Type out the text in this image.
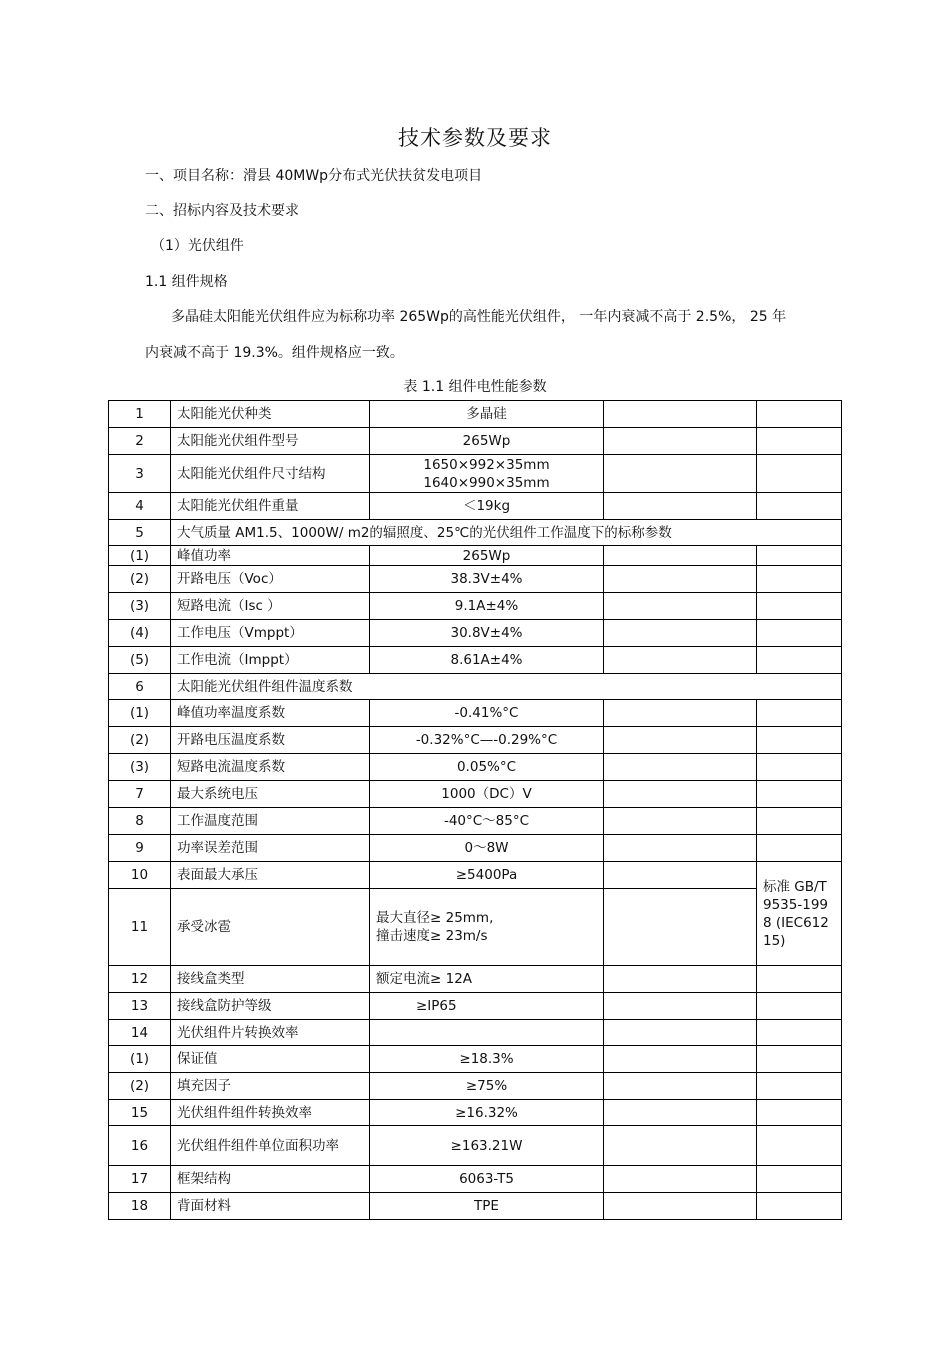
技术参数及要求
一、项目名称：滑县 40MWp分布式光伏扶贫发电项目
二、招标内容及技术要求
（1）光伏组件
1.1 组件规格
多晶硅太阳能光伏组件应为标称功率 265Wp的高性能光伏组件， 一年内衰减不高于 2.5%， 25 年
内衰减不高于 19.3%。组件规格应一致。
表 1.1 组件电性能参数
1	太阳能光伏种类	多晶硅		
2	太阳能光伏组件型号	265Wp		
3	太阳能光伏组件尺寸结构	1650×992×35mm
1640×990×35mm		

4	太阳能光伏组件重量	＜19kg		
5	大气质量 AM1.5、1000W/ m2的辐照度、25℃的光伏组件工作温度下的标称参数			
(1)	峰值功率	265Wp		
(2)	开路电压（Voc）	38.3V±4%		
(3)	短路电流（Isc ）	9.1A±4%		
(4)	工作电压（Vmppt）	30.8V±4%		
(5)	工作电流（Imppt）	8.61A±4%		
6	太阳能光伏组件组件温度系数			
(1)	峰值功率温度系数	-0.41%°C		
(2)	开路电压温度系数	-0.32%°C—-0.29%°C		
(3)	短路电流温度系数	0.05%°C		
7	最大系统电压	1000（DC）V		
8	工作温度范围	-40°C～85°C		
9	功率误差范围	0～8W		
10	表面最大承压	≥5400Pa		标准 GB/T 9535-1998 (IEC61215)
11	承受冰雹	最大直径≥ 25mm,
撞击速度≥ 23m/s		

12	接线盒类型	额定电流≥ 12A		
13	接线盒防护等级	≥IP65		
14	光伏组件片转换效率			
(1)	保证值	≥18.3%		
(2)	填充因子	≥75%		
15	光伏组件组件转换效率	≥16.32%		
16	光伏组件组件单位面积功率	≥163.21W		
17	框架结构	6063-T5		
18	背面材料	TPE		
